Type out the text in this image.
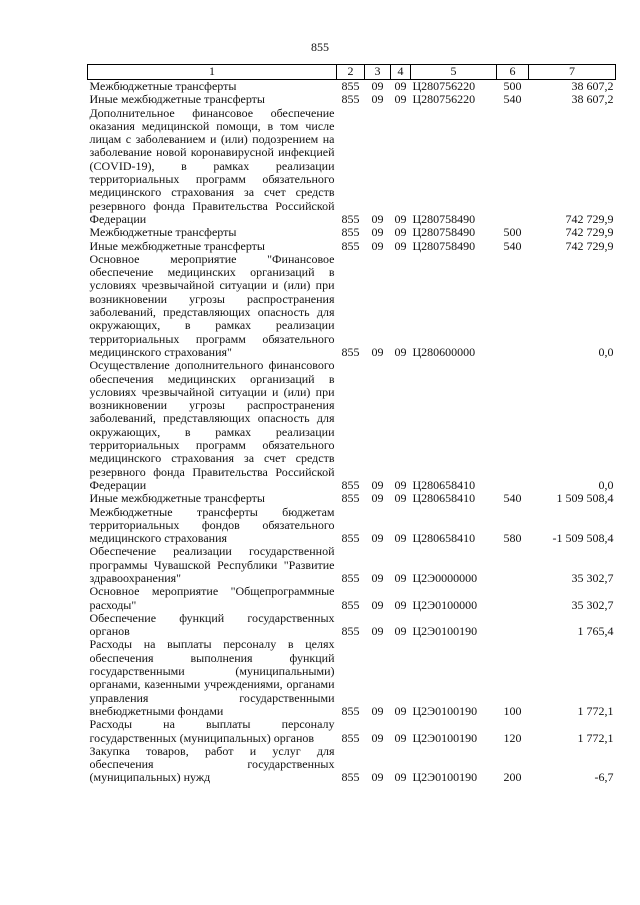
855
1	2	3	4	5	6	7
Межбюджетные трансферты	855	09	09	Ц280756220	500	38 607,2
Иные межбюджетные трансферты	855	09	09	Ц280756220	540	38 607,2
Дополнительное финансовое обеспечение оказания медицинской помощи, в том числе лицам с заболеванием и (или) подозрением на заболевание новой коронавирусной инфекцией (COVID-19), в рамках реализации территориальных программ обязательного медицинского страхования за счет средств резервного фонда Правительства Российской Федерации	855	09	09	Ц280758490		742 729,9
Межбюджетные трансферты	855	09	09	Ц280758490	500	742 729,9
Иные межбюджетные трансферты	855	09	09	Ц280758490	540	742 729,9
Основное мероприятие "Финансовое обеспечение медицинских организаций в условиях чрезвычайной ситуации и (или) при возникновении угрозы распространения заболеваний, представляющих опасность для окружающих, в рамках реализации территориальных программ обязательного медицинского страхования"	855	09	09	Ц280600000		0,0
Осуществление дополнительного финансового обеспечения медицинских организаций в условиях чрезвычайной ситуации и (или) при возникновении угрозы распространения заболеваний, представляющих опасность для окружающих, в рамках реализации территориальных программ обязательного медицинского страхования за счет средств резервного фонда Правительства Российской Федерации	855	09	09	Ц280658410		0,0
Иные межбюджетные трансферты	855	09	09	Ц280658410	540	1 509 508,4
Межбюджетные трансферты бюджетам территориальных фондов обязательного медицинского страхования	855	09	09	Ц280658410	580	-1 509 508,4
Обеспечение реализации государственной программы Чувашской Республики "Развитие здравоохранения"	855	09	09	Ц2Э0000000		35 302,7
Основное мероприятие "Общепрограммные расходы"	855	09	09	Ц2Э0100000		35 302,7
Обеспечение функций государственных органов	855	09	09	Ц2Э0100190		1 765,4
Расходы на выплаты персоналу в целях обеспечения выполнения функций государственными (муниципальными) органами, казенными учреждениями, органами управления государственными внебюджетными фондами	855	09	09	Ц2Э0100190	100	1 772,1
Расходы на выплаты персоналу государственных (муниципальных) органов	855	09	09	Ц2Э0100190	120	1 772,1
Закупка товаров, работ и услуг для обеспечения государственных (муниципальных) нужд	855	09	09	Ц2Э0100190	200	-6,7
